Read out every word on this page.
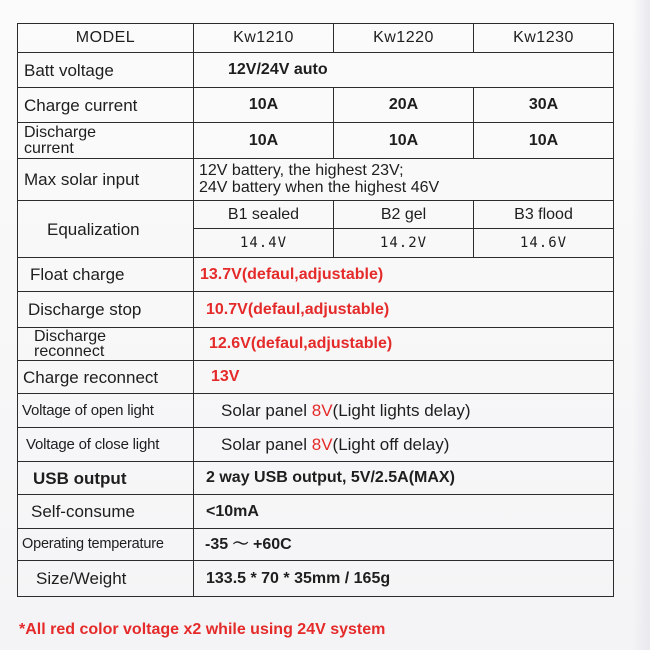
MODEL	Kw1210	Kw1220	Kw1230
Batt voltage	12V/24V auto		
Charge current	10A	20A	30A

Discharge
current	10A	10A	10A
Max solar input	12V battery, the highest 23V;
24V battery when the highest 46V		

Equalization	B1 sealed	B2 gel	B3 flood
	14.4V	14.2V	14.6V
Float charge	13.7V(defaul,adjustable)		
Discharge stop	10.7V(defaul,adjustable)		

Discharge
reconnect	12.6V(defaul,adjustable)		
Charge reconnect	13V		
Voltage of open light	Solar panel 8V(Light lights delay)		
Voltage of close light	Solar panel 8V(Light off delay)		
USB output	2 way USB output, 5V/2.5A(MAX)		
Self-consume	<10mA		
Operating temperature	-35 ～ +60C		
Size/Weight	133.5 * 70 * 35mm / 165g		
*All red color voltage x2 while using 24V system
